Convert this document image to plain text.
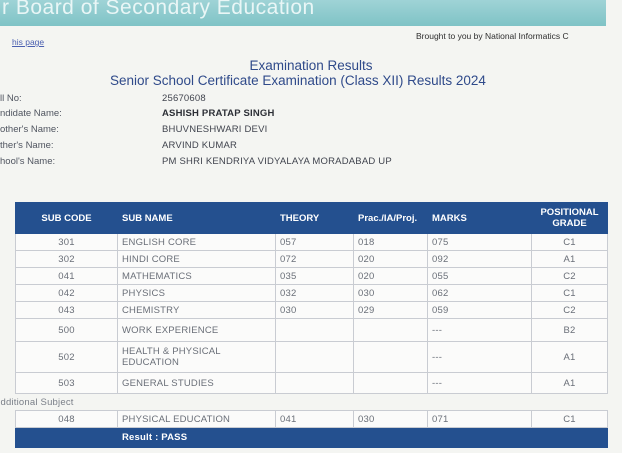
r Board of Secondary Education
his page
Brought to you by National Informatics C
Examination Results
Senior School Certificate Examination (Class XII) Results 2024
ll No:	25670608
ndidate Name:	ASHISH PRATAP SINGH
other's Name:	BHUVNESHWARI DEVI
ther's Name:	ARVIND KUMAR
hool's Name:	PM SHRI KENDRIYA VIDYALAYA MORADABAD UP
SUB CODE	SUB NAME	THEORY	Prac./IA/Proj.	MARKS	POSITIONAL GRADE
301	ENGLISH CORE	057	018	075	C1
302	HINDI CORE	072	020	092	A1
041	MATHEMATICS	035	020	055	C2
042	PHYSICS	032	030	062	C1
043	CHEMISTRY	030	029	059	C2
500	WORK EXPERIENCE			---	B2
502	HEALTH & PHYSICAL EDUCATION			---	A1
503	GENERAL STUDIES			---	A1
dditional Subject
048	PHYSICAL EDUCATION	041	030	071	C1
Result : PASS
